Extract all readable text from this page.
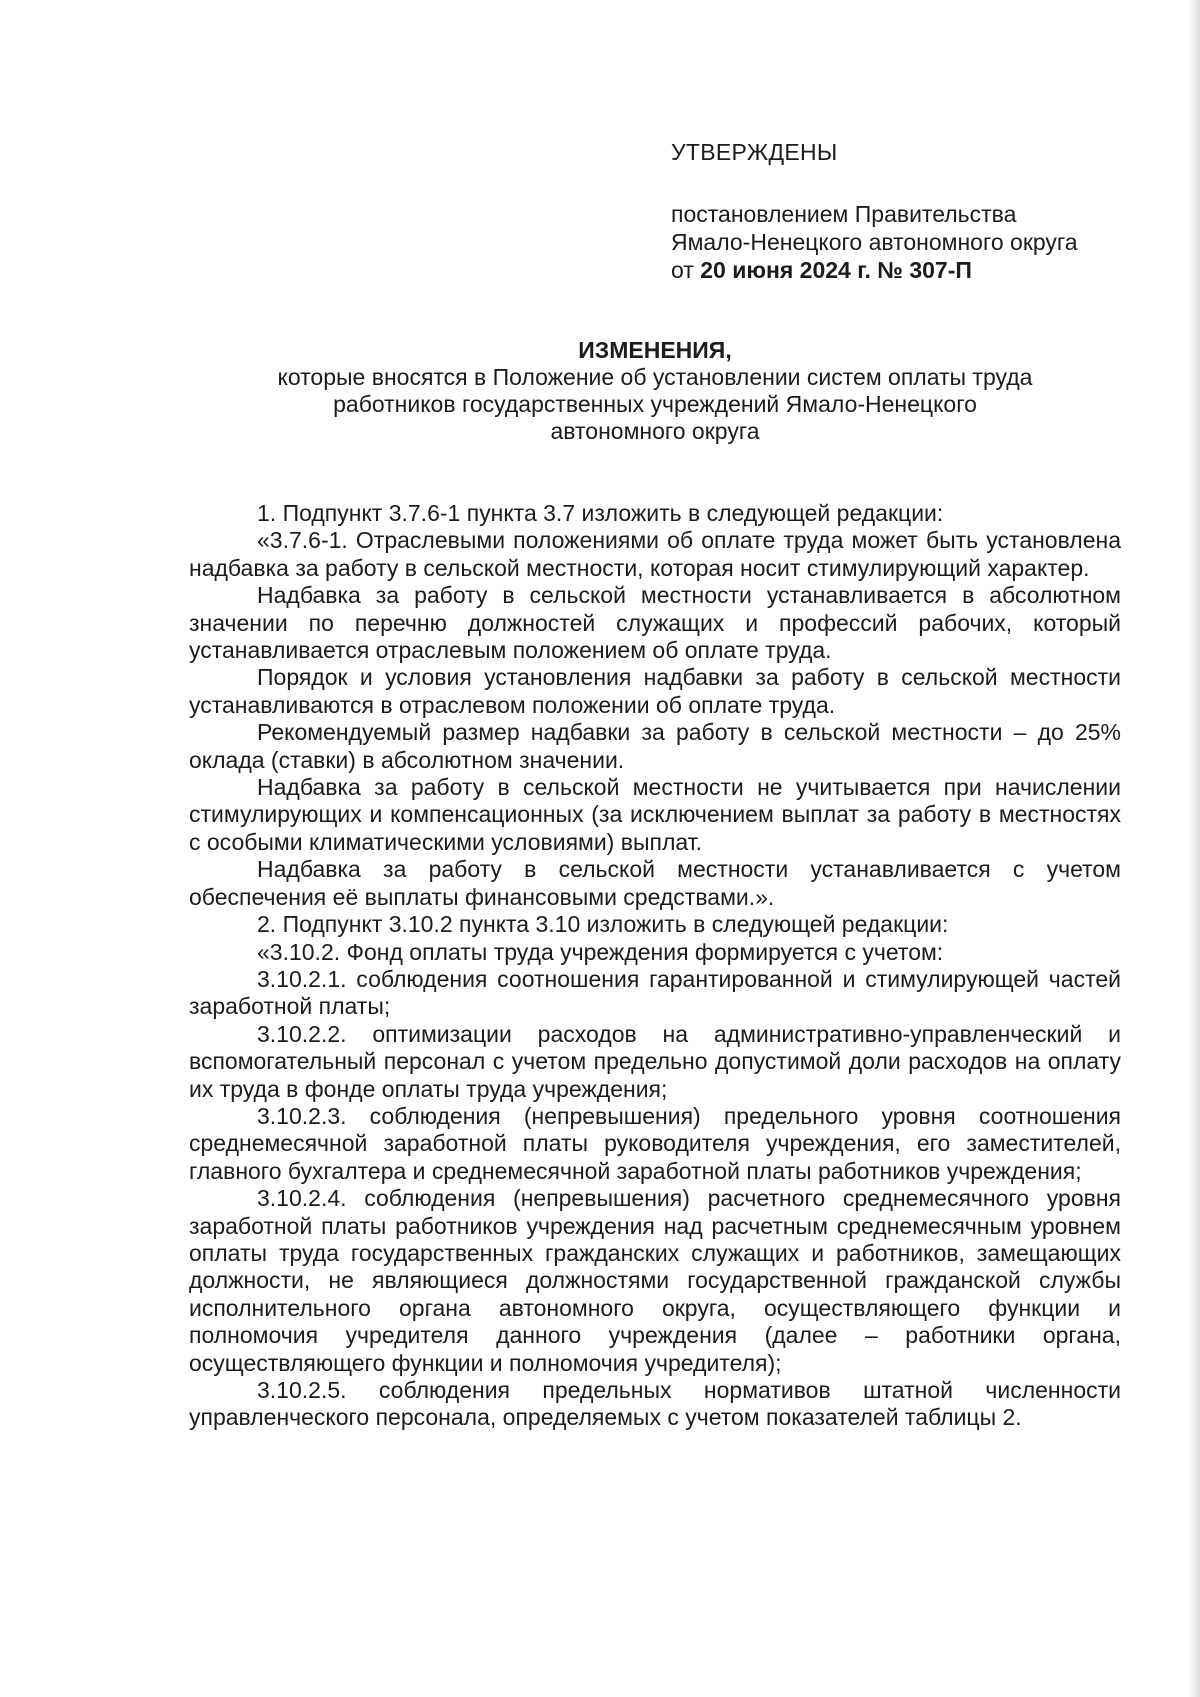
УТВЕРЖДЕНЫ

постановлением Правительства

Ямало-Ненецкого автономного округа

от 20 июня 2024 г. № 307-П

ИЗМЕНЕНИЯ,

которые вносятся в Положение об установлении систем оплаты труда

работников государственных учреждений Ямало-Ненецкого

автономного округа

1. Подпункт 3.7.6-1 пункта 3.7 изложить в следующей редакции:

«3.7.6-1. Отраслевыми положениями об оплате труда может быть установлена надбавка за работу в сельской местности, которая носит стимулирующий характер.

Надбавка за работу в сельской местности устанавливается в абсолютном значении по перечню должностей служащих и профессий рабочих, который устанавливается отраслевым положением об оплате труда.

Порядок и условия установления надбавки за работу в сельской местности устанавливаются в отраслевом положении об оплате труда.

Рекомендуемый размер надбавки за работу в сельской местности – до 25% оклада (ставки) в абсолютном значении.

Надбавка за работу в сельской местности не учитывается при начислении стимулирующих и компенсационных (за исключением выплат за работу в местностях с особыми климатическими условиями) выплат.

Надбавка за работу в сельской местности устанавливается с учетом обеспечения её выплаты финансовыми средствами.».

2. Подпункт 3.10.2 пункта 3.10 изложить в следующей редакции:

«3.10.2. Фонд оплаты труда учреждения формируется с учетом:

3.10.2.1. соблюдения соотношения гарантированной и стимулирующей частей заработной платы;

3.10.2.2. оптимизации расходов на административно-управленческий и вспомогательный персонал с учетом предельно допустимой доли расходов на оплату их труда в фонде оплаты труда учреждения;

3.10.2.3. соблюдения (непревышения) предельного уровня соотношения среднемесячной заработной платы руководителя учреждения, его заместителей, главного бухгалтера и среднемесячной заработной платы работников учреждения;

3.10.2.4. соблюдения (непревышения) расчетного среднемесячного уровня заработной платы работников учреждения над расчетным среднемесячным уровнем оплаты труда государственных гражданских служащих и работников, замещающих должности, не являющиеся должностями государственной гражданской службы исполнительного органа автономного округа, осуществляющего функции и полномочия учредителя данного учреждения (далее – работники органа, осуществляющего функции и полномочия учредителя);

3.10.2.5. соблюдения предельных нормативов штатной численности управленческого персонала, определяемых с учетом показателей таблицы 2.
